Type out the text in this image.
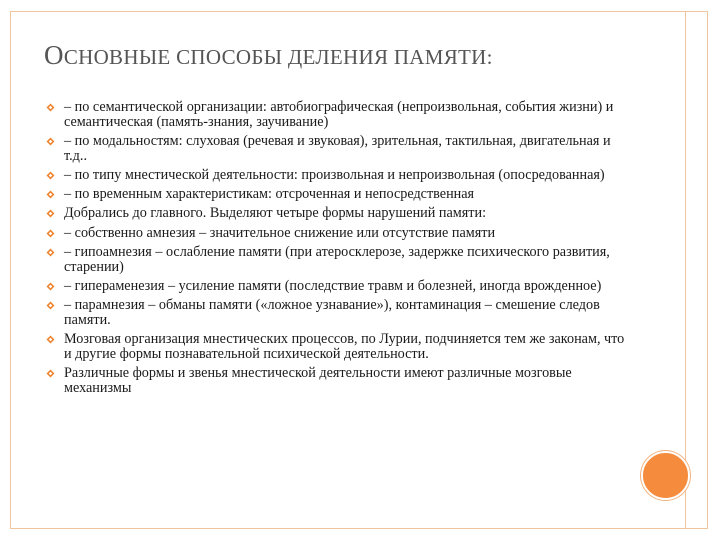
ОСНОВНЫЕ СПОСОБЫ ДЕЛЕНИЯ ПАМЯТИ:
– по семантической организации: автобиографическая (непроизвольная, события жизни) и семантическая (память-знания, заучивание)
– по модальностям: слуховая (речевая и звуковая), зрительная, тактильная, двигательная и т.д..
– по типу мнестической деятельности: произвольная и непроизвольная (опосредованная)
– по временным характеристикам: отсроченная и непосредственная
Добрались до главного. Выделяют четыре формы нарушений памяти:
– собственно амнезия – значительное снижение или отсутствие памяти
– гипоамнезия – ослабление памяти (при атеросклерозе, задержке психического развития, старении)
– гипераменезия – усиление памяти (последствие травм и болезней, иногда врожденное)
– парамнезия – обманы памяти («ложное узнавание»), контаминация – смешение следов памяти.
Мозговая организация мнестических процессов, по Лурии, подчиняется тем же законам, что и другие формы познавательной психической деятельности.
Различные формы и звенья мнестической деятельности имеют различные мозговые механизмы
